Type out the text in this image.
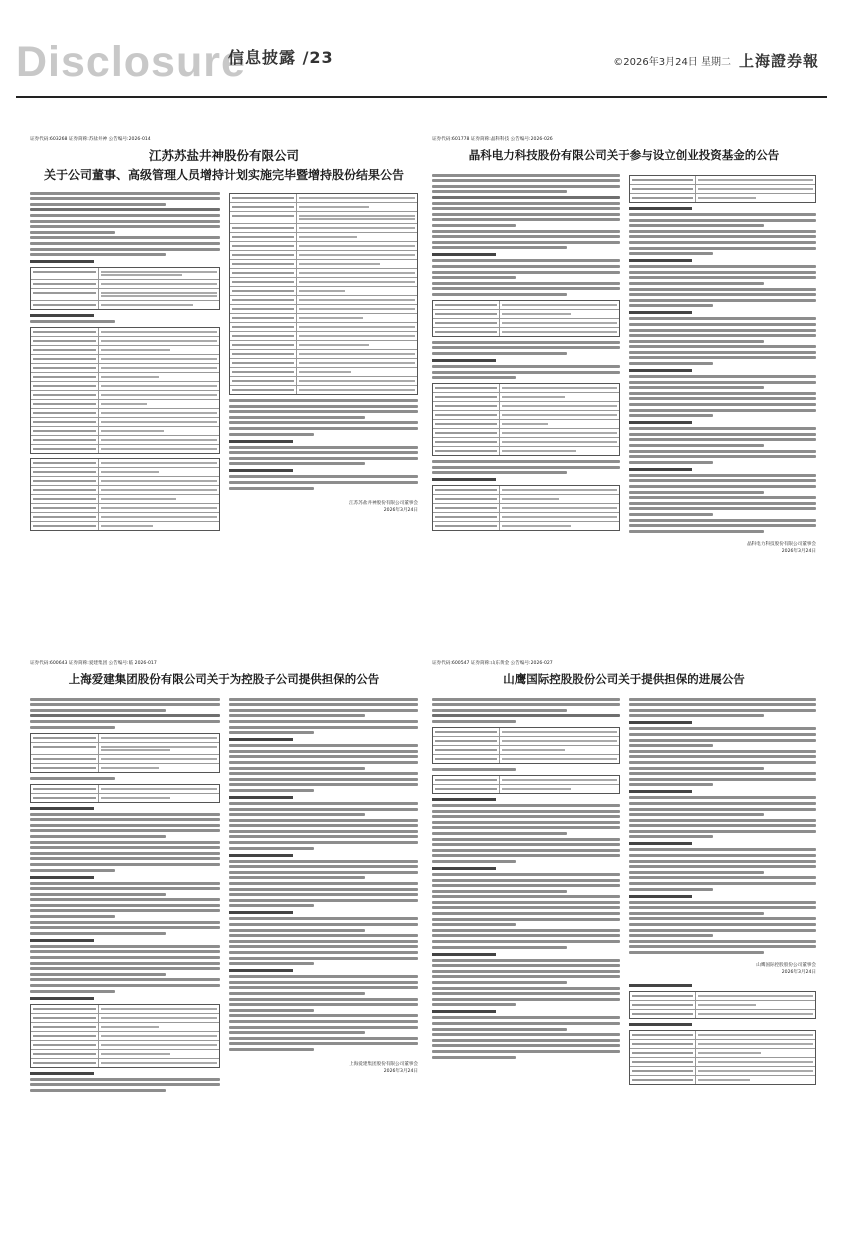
Disclosure
信息披露 /23	©2026年3月24日 星期二 上海證券報
证券代码:603268 证券简称:苏盐井神 公告编号:2026-014
江苏苏盐井神股份有限公司
关于公司董事、高级管理人员增持计划实施完毕暨增持股份结果公告
江苏苏盐井神股份有限公司董事会
2026年3月24日
证券代码:601778 证券简称:晶科科技 公告编号:2026-026
晶科电力科技股份有限公司关于参与设立创业投资基金的公告
晶科电力科技股份有限公司董事会
2026年3月24日
证券代码:600643 证券简称:爱建集团 公告编号:临 2026-017
上海爱建集团股份有限公司关于为控股子公司提供担保的公告
上海爱建集团股份有限公司董事会
2026年3月24日
证券代码:600547 证券简称:山东黄金 公告编号:2026-027
山鹰国际控股股份公司关于提供担保的进展公告
山鹰国际控股股份公司董事会
2026年3月24日
